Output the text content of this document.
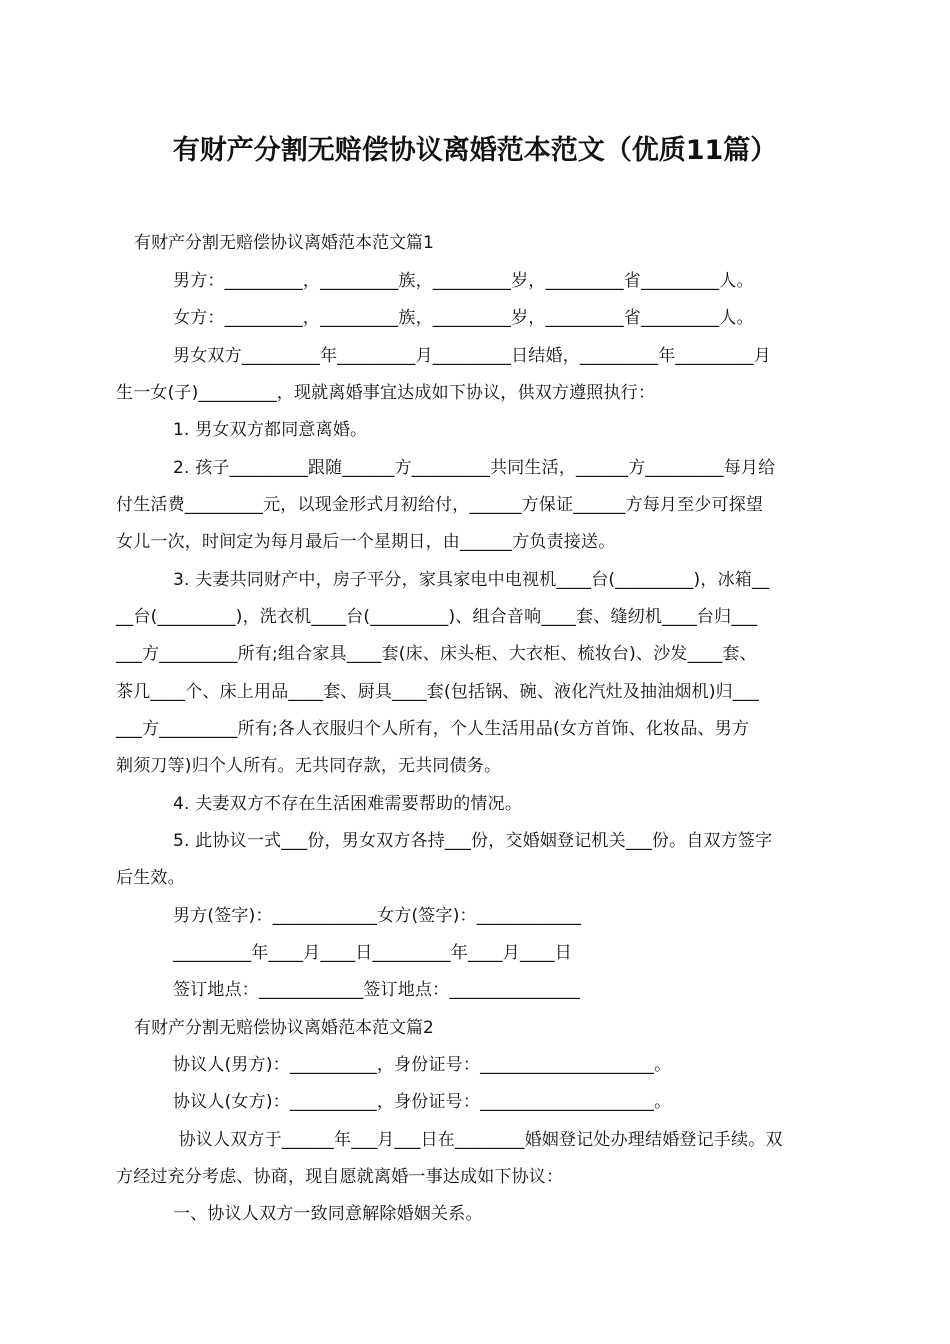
有财产分割无赔偿协议离婚范本范文（优质11篇）
有财产分割无赔偿协议离婚范本范文篇1
男方：_________，_________族，_________岁，_________省_________人。
女方：_________，_________族，_________岁，_________省_________人。
男女双方_________年_________月_________日结婚，_________年_________月
生一女(子)_________，现就离婚事宜达成如下协议，供双方遵照执行：
1. 男女双方都同意离婚。
2. 孩子_________跟随______方_________共同生活，______方_________每月给
付生活费_________元，以现金形式月初给付，______方保证______方每月至少可探望
女儿一次，时间定为每月最后一个星期日，由______方负责接送。
3. 夫妻共同财产中，房子平分，家具家电中电视机____台(_________)，冰箱__
__台(_________)，洗衣机____台(_________)、组合音响____套、缝纫机____台归___
___方_________所有;组合家具____套(床、床头柜、大衣柜、梳妆台)、沙发____套、
茶几____个、床上用品____套、厨具____套(包括锅、碗、液化汽灶及抽油烟机)归___
___方_________所有;各人衣服归个人所有，个人生活用品(女方首饰、化妆品、男方
剃须刀等)归个人所有。无共同存款，无共同债务。
4. 夫妻双方不存在生活困难需要帮助的情况。
5. 此协议一式___份，男女双方各持___份，交婚姻登记机关___份。自双方签字
后生效。
男方(签字)：____________女方(签字)：____________
_________年____月____日_________年____月____日
签订地点：____________签订地点：_______________
有财产分割无赔偿协议离婚范本范文篇2
协议人(男方)：__________，身份证号：____________________。
协议人(女方)：__________，身份证号：____________________。
协议人双方于______年___月___日在________婚姻登记处办理结婚登记手续。双
方经过充分考虑、协商，现自愿就离婚一事达成如下协议：
一、协议人双方一致同意解除婚姻关系。
